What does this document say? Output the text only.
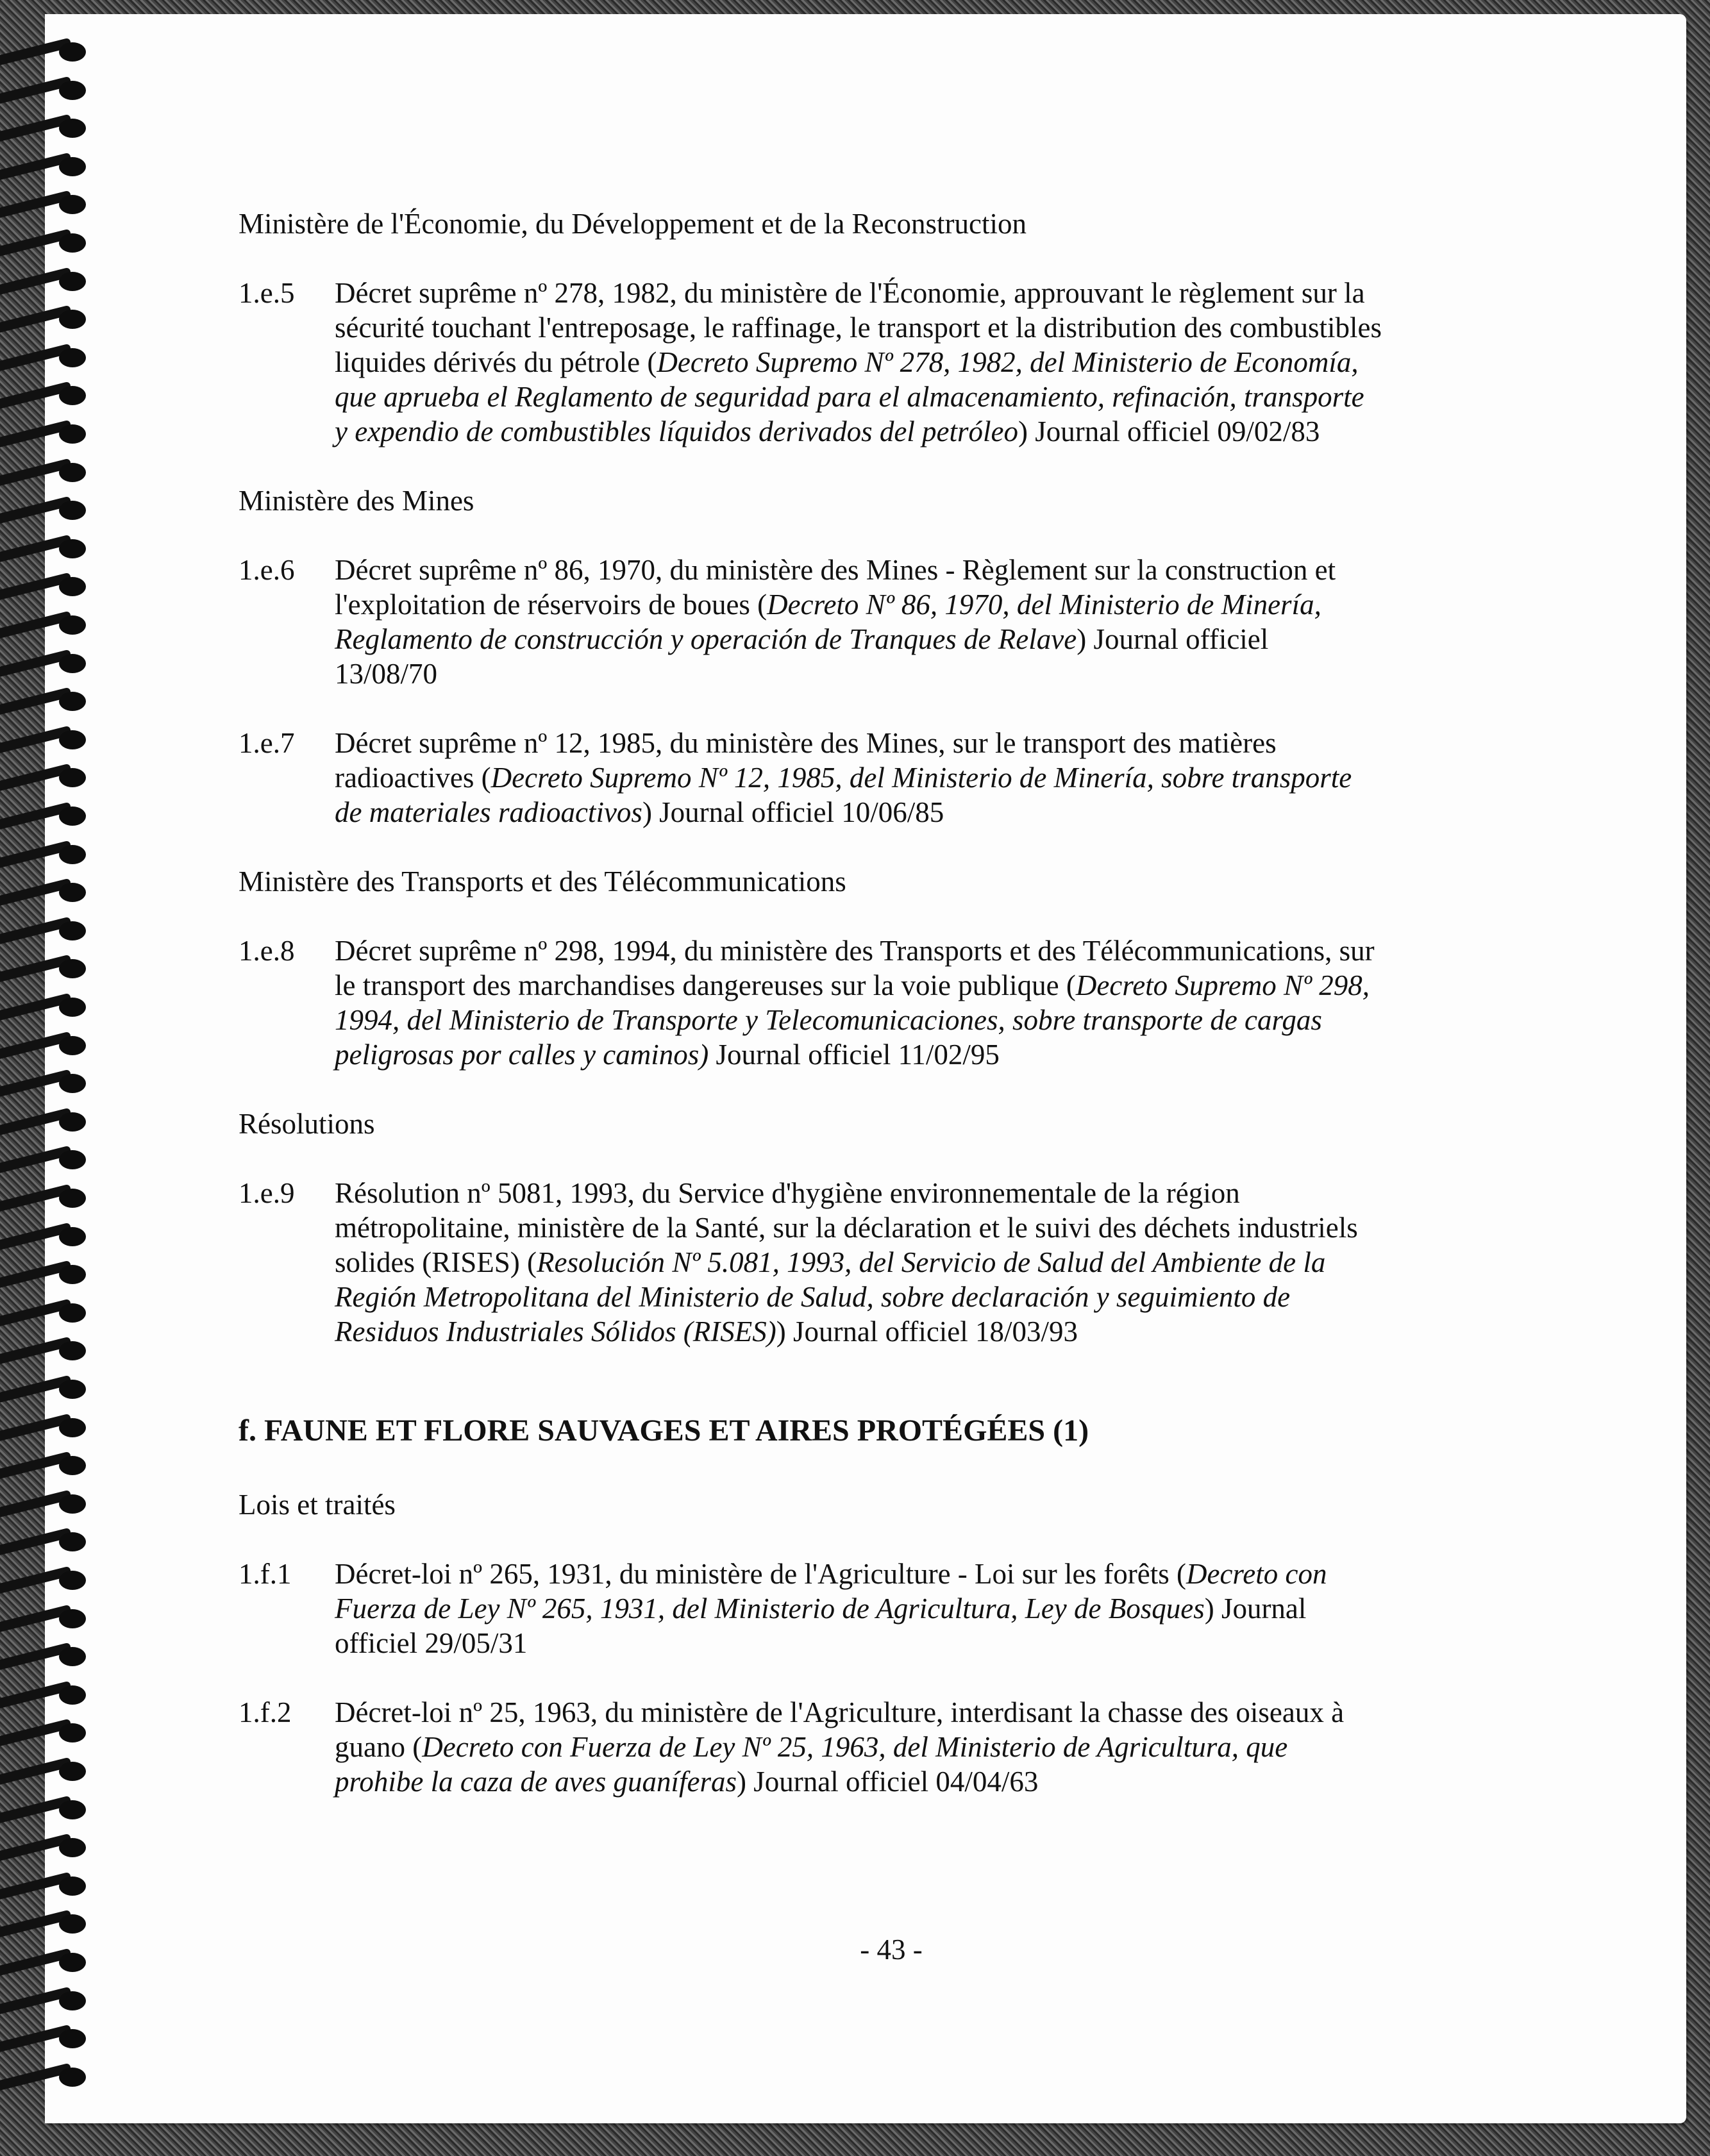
Ministère de l'Économie, du Développement et de la Reconstruction
1.e.5	Décret suprême nº 278, 1982, du ministère de l'Économie, approuvant le règlement sur la
sécurité touchant l'entreposage, le raffinage, le transport et la distribution des combustibles
liquides dérivés du pétrole (Decreto Supremo Nº 278, 1982, del Ministerio de Economía,
que aprueba el Reglamento de seguridad para el almacenamiento, refinación, transporte
y expendio de combustibles líquidos derivados del petróleo) Journal officiel 09/02/83
Ministère des Mines
1.e.6	Décret suprême nº 86, 1970, du ministère des Mines - Règlement sur la construction et
l'exploitation de réservoirs de boues (Decreto Nº 86, 1970, del Ministerio de Minería,
Reglamento de construcción y operación de Tranques de Relave) Journal officiel
13/08/70
1.e.7	Décret suprême nº 12, 1985, du ministère des Mines, sur le transport des matières
radioactives (Decreto Supremo Nº 12, 1985, del Ministerio de Minería, sobre transporte
de materiales radioactivos) Journal officiel 10/06/85
Ministère des Transports et des Télécommunications
1.e.8	Décret suprême nº 298, 1994, du ministère des Transports et des Télécommunications, sur
le transport des marchandises dangereuses sur la voie publique (Decreto Supremo Nº 298,
1994, del Ministerio de Transporte y Telecomunicaciones, sobre transporte de cargas
peligrosas por calles y caminos) Journal officiel 11/02/95
Résolutions
1.e.9	Résolution nº 5081, 1993, du Service d'hygiène environnementale de la région
métropolitaine, ministère de la Santé, sur la déclaration et le suivi des déchets industriels
solides (RISES) (Resolución Nº 5.081, 1993, del Servicio de Salud del Ambiente de la
Región Metropolitana del Ministerio de Salud, sobre declaración y seguimiento de
Residuos Industriales Sólidos (RISES)) Journal officiel 18/03/93
f. FAUNE ET FLORE SAUVAGES ET AIRES PROTÉGÉES (1)
Lois et traités
1.f.1	Décret-loi nº 265, 1931, du ministère de l'Agriculture - Loi sur les forêts (Decreto con
Fuerza de Ley Nº 265, 1931, del Ministerio de Agricultura, Ley de Bosques) Journal
officiel 29/05/31
1.f.2	Décret-loi nº 25, 1963, du ministère de l'Agriculture, interdisant la chasse des oiseaux à
guano (Decreto con Fuerza de Ley Nº 25, 1963, del Ministerio de Agricultura, que
prohibe la caza de aves guaníferas) Journal officiel 04/04/63
- 43 -
